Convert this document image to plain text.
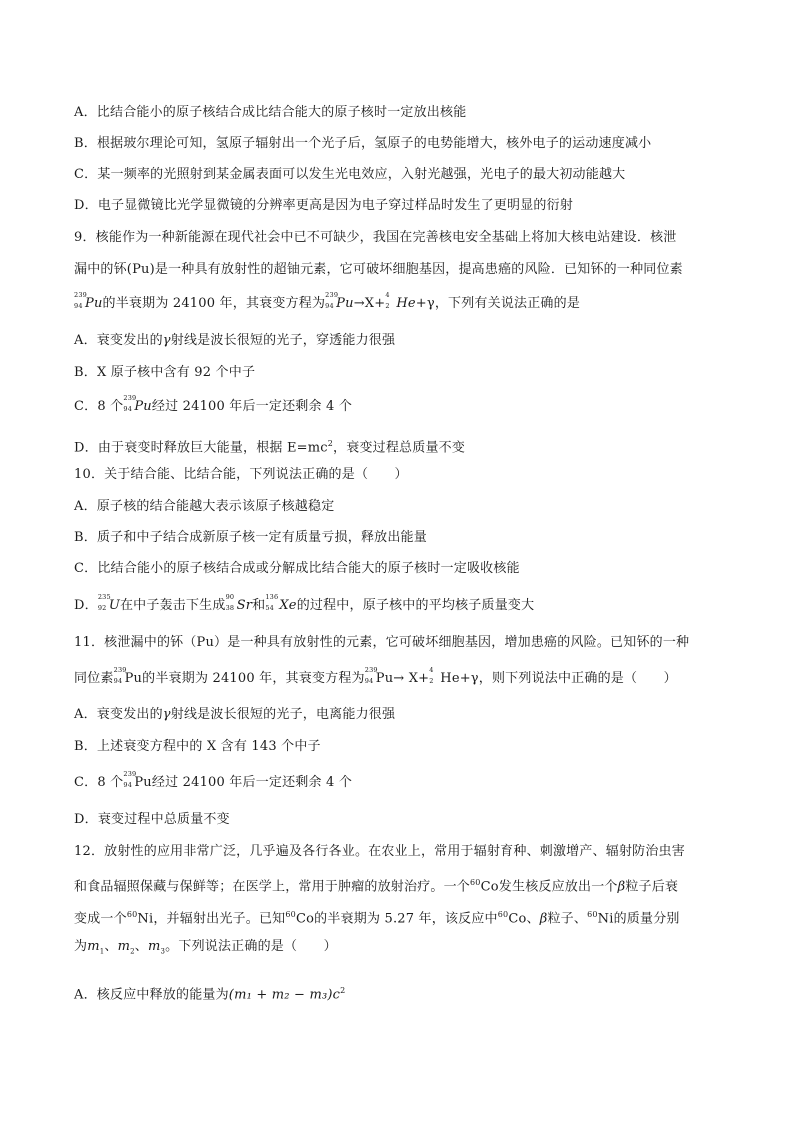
A．比结合能小的原子核结合成比结合能大的原子核时一定放出核能
B．根据玻尔理论可知，氢原子辐射出一个光子后，氢原子的电势能增大，核外电子的运动速度减小
C．某一频率的光照射到某金属表面可以发生光电效应，入射光越强，光电子的最大初动能越大
D．电子显微镜比光学显微镜的分辨率更高是因为电子穿过样品时发生了更明显的衍射
9．核能作为一种新能源在现代社会中已不可缺少，我国在完善核电安全基础上将加大核电站建设．核泄
漏中的钚(Pu)是一种具有放射性的超铀元素，它可破坏细胞基因，提高患癌的风险．已知钚的一种同位素
239
94 Pu的半衰期为 24100 年，其衰变方程为
239
94 Pu→X+
4
2 He+γ，下列有关说法正确的是
A．衰变发出的γ射线是波长很短的光子，穿透能力很强
B．X 原子核中含有 92 个中子
C．8 个
239
94 Pu经过 24100 年后一定还剩余 4 个
D．由于衰变时释放巨大能量，根据 $E=mc^2$，衰变过程总质量不变
10．关于结合能、比结合能，下列说法正确的是（　　）
A．原子核的结合能越大表示该原子核越稳定
B．质子和中子结合成新原子核一定有质量亏损，释放出能量
C．比结合能小的原子核结合成或分解成比结合能大的原子核时一定吸收核能
D．
235
92 U在中子轰击下生成
90
38 Sr和
136
54 Xe的过程中，原子核中的平均核子质量变大
11．核泄漏中的钚（Pu）是一种具有放射性的元素，它可破坏细胞基因，增加患癌的风险。已知钚的一种
同位素
239
94 Pu的半衰期为 24100 年，其衰变方程为
239
94 Pu→ X+
4
2 He+γ，则下列说法中正确的是（　　）
A．衰变发出的γ射线是波长很短的光子，电离能力很强
B．上述衰变方程中的 X 含有 143 个中子
C．8 个
239
94 Pu经过 24100 年后一定还剩余 4 个
D．衰变过程中总质量不变
12．放射性的应用非常广泛，几乎遍及各行各业。在农业上，常用于辐射育种、刺激增产、辐射防治虫害
和食品辐照保藏与保鲜等；在医学上，常用于肿瘤的放射治疗。一个$^{60}$Co发生核反应放出一个β粒子后衰
变成一个$^{60}$Ni，并辐射出光子。已知$^{60}$Co的半衰期为 5.27 年，该反应中$^{60}$Co、β粒子、$^{60}$Ni的质量分别
为$m_1$、$m_2$、$m_3$。下列说法正确的是（　　）
A．核反应中释放的能量为$(m_1 + m_2 - m_3)c^2$
